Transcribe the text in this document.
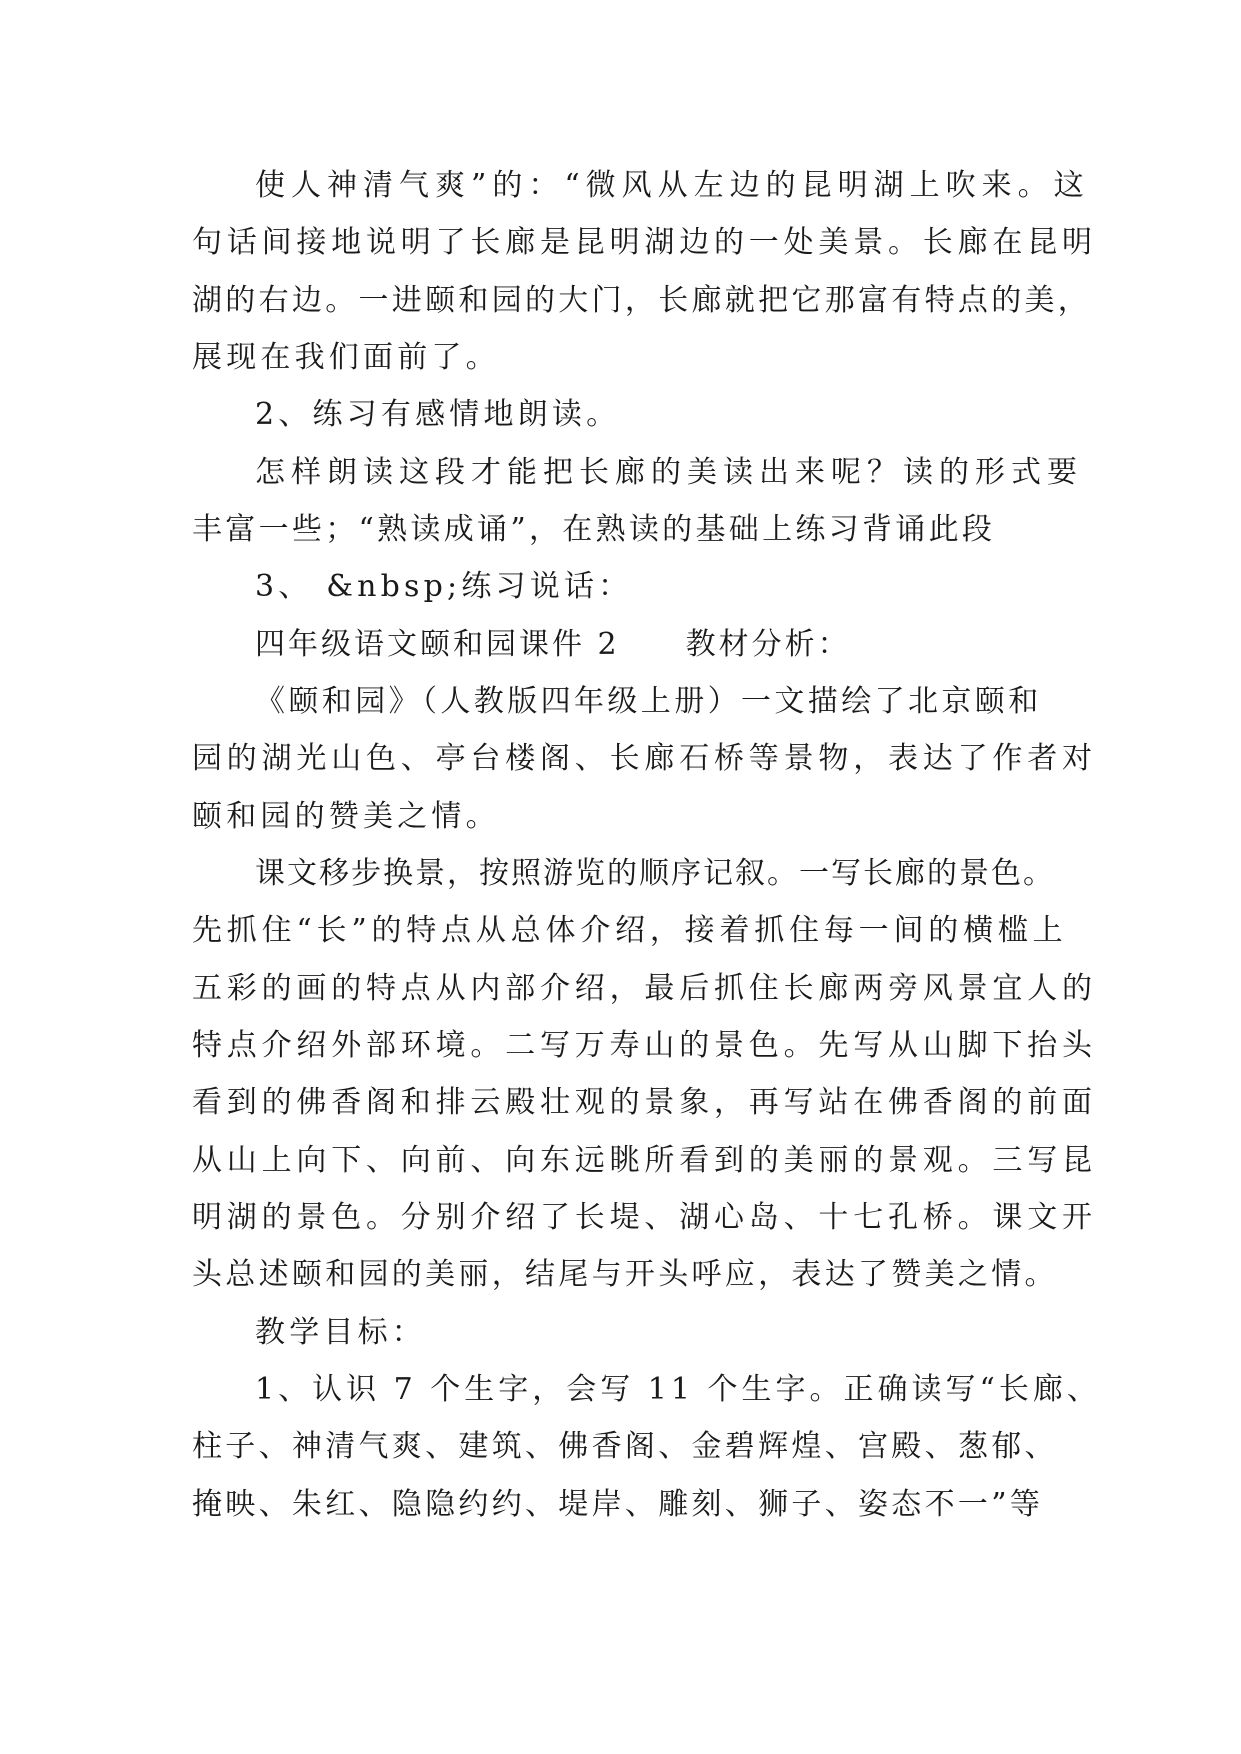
使人神清气爽”的：“微风从左边的昆明湖上吹来。这
句话间接地说明了长廊是昆明湖边的一处美景。长廊在昆明
湖的右边。一进颐和园的大门，长廊就把它那富有特点的美，
展现在我们面前了。
2、练习有感情地朗读。
怎样朗读这段才能把长廊的美读出来呢？读的形式要
丰富一些；“熟读成诵”，在熟读的基础上练习背诵此段
3、 &nbsp;练习说话：
四年级语文颐和园课件 2　　教材分析：
《颐和园》（人教版四年级上册）一文描绘了北京颐和
园的湖光山色、亭台楼阁、长廊石桥等景物，表达了作者对
颐和园的赞美之情。
课文移步换景，按照游览的顺序记叙。一写长廊的景色。
先抓住“长”的特点从总体介绍，接着抓住每一间的横槛上
五彩的画的特点从内部介绍，最后抓住长廊两旁风景宜人的
特点介绍外部环境。二写万寿山的景色。先写从山脚下抬头
看到的佛香阁和排云殿壮观的景象，再写站在佛香阁的前面
从山上向下、向前、向东远眺所看到的美丽的景观。三写昆
明湖的景色。分别介绍了长堤、湖心岛、十七孔桥。课文开
头总述颐和园的美丽，结尾与开头呼应，表达了赞美之情。
教学目标：
1、认识 7 个生字，会写 11 个生字。正确读写“长廊、
柱子、神清气爽、建筑、佛香阁、金碧辉煌、宫殿、葱郁、
掩映、朱红、隐隐约约、堤岸、雕刻、狮子、姿态不一”等
